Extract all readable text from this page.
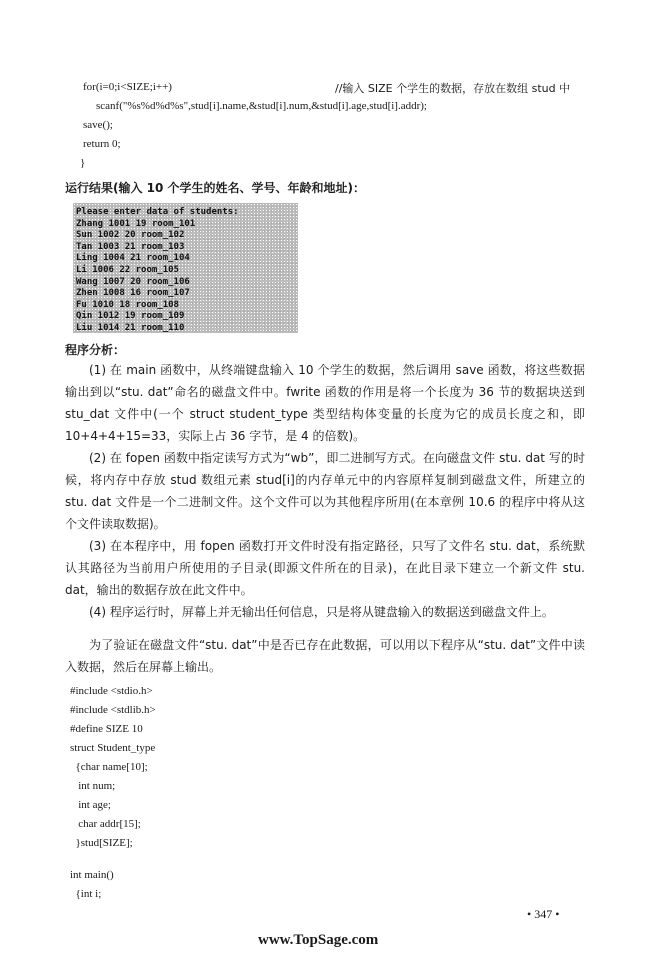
for(i=0;i<SIZE;i++)	//输入 SIZE 个学生的数据，存放在数组 stud 中
scanf("%s%d%d%s",stud[i].name,&stud[i].num,&stud[i].age,stud[i].addr);
save();
return 0;
}
运行结果(输入 10 个学生的姓名、学号、年龄和地址)：
Please enter data of students:
Zhang 1001 19 room_101
Sun 1002 20 room_102
Tan 1003 21 room_103
Ling 1004 21 room_104
Li 1006 22 room_105
Wang 1007 20 room_106
Zhen 1008 16 room_107
Fu 1010 18 room_108
Qin 1012 19 room_109
Liu 1014 21 room_110
程序分析：
(1) 在 main 函数中，从终端键盘输入 10 个学生的数据，然后调用 save 函数，将这些数据输出到以“stu. dat”命名的磁盘文件中。fwrite 函数的作用是将一个长度为 36 节的数据块送到 stu_dat 文件中(一个 struct student_type 类型结构体变量的长度为它的成员长度之和，即 10+4+4+15=33，实际上占 36 字节，是 4 的倍数)。
(2) 在 fopen 函数中指定读写方式为“wb”，即二进制写方式。在向磁盘文件 stu. dat 写的时候，将内存中存放 stud 数组元素 stud[i]的内存单元中的内容原样复制到磁盘文件，所建立的 stu. dat 文件是一个二进制文件。这个文件可以为其他程序所用(在本章例 10.6 的程序中将从这个文件读取数据)。
(3) 在本程序中，用 fopen 函数打开文件时没有指定路径，只写了文件名 stu. dat，系统默认其路径为当前用户所使用的子目录(即源文件所在的目录)，在此目录下建立一个新文件 stu. dat，输出的数据存放在此文件中。
(4) 程序运行时，屏幕上并无输出任何信息，只是将从键盘输入的数据送到磁盘文件上。
为了验证在磁盘文件“stu. dat”中是否已存在此数据，可以用以下程序从“stu. dat”文件中读入数据，然后在屏幕上输出。
#include <stdio.h>
#include <stdlib.h>
#define SIZE 10
struct Student_type
{char name[10];
int num;
int age;
char addr[15];
}stud[SIZE];
int main()
{int i;
• 347 •
www.TopSage.com
